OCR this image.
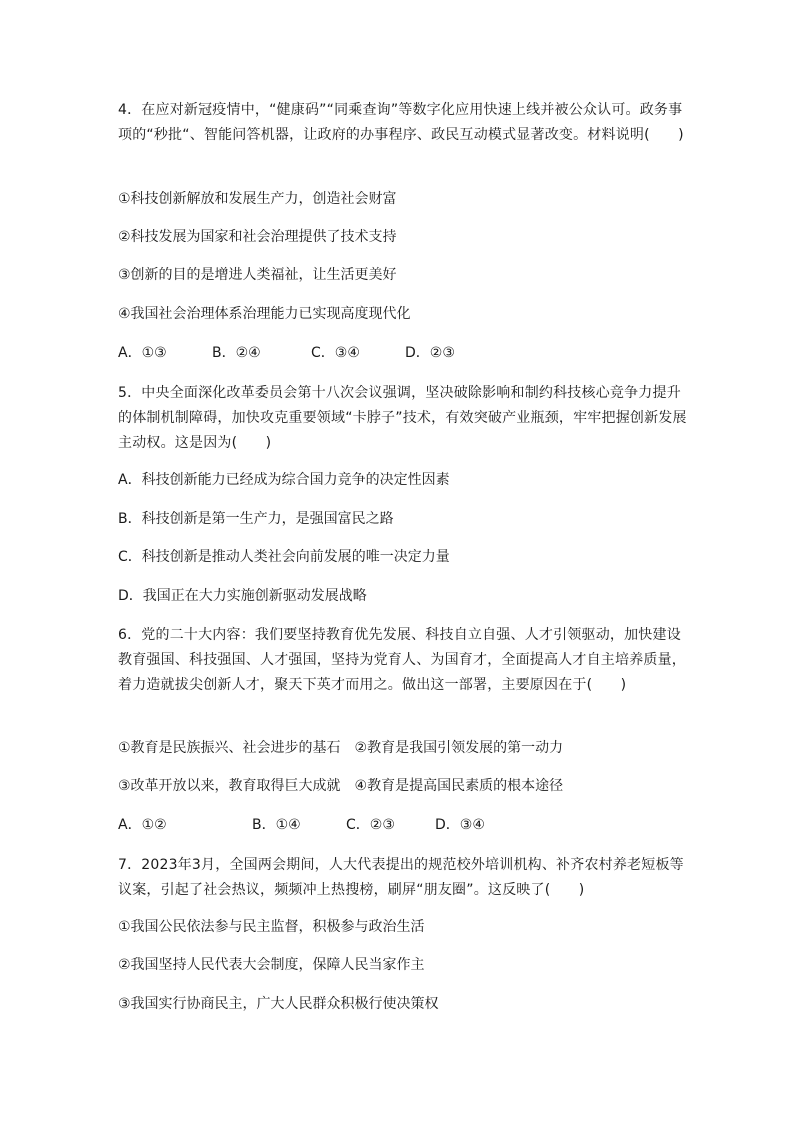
4．在应对新冠疫情中，“健康码”“同乘查询”等数字化应用快速上线并被公众认可。政务事项的“秒批“、智能问答机器，让政府的办事程序、政民互动模式显著改变。材料说明(　　)

①科技创新解放和发展生产力，创造社会财富

②科技发展为国家和社会治理提供了技术支持

③创新的目的是增进人类福祉，让生活更美好

④我国社会治理体系治理能力已实现高度现代化

A．①③	B．②④	C．③④	D．②③

5．中央全面深化改革委员会第十八次会议强调，坚决破除影响和制约科技核心竞争力提升的体制机制障碍，加快攻克重要领域“卡脖子”技术，有效突破产业瓶颈，牢牢把握创新发展主动权。这是因为(　　)

A．科技创新能力已经成为综合国力竞争的决定性因素

B．科技创新是第一生产力，是强国富民之路

C．科技创新是推动人类社会向前发展的唯一决定力量

D．我国正在大力实施创新驱动发展战略

6．党的二十大内容：我们要坚持教育优先发展、科技自立自强、人才引领驱动，加快建设教育强国、科技强国、人才强国，坚持为党育人、为国育才，全面提高人才自主培养质量，着力造就拔尖创新人才，聚天下英才而用之。做出这一部署，主要原因在于(　　)

①教育是民族振兴、社会进步的基石　②教育是我国引领发展的第一动力

③改革开放以来，教育取得巨大成就　④教育是提高国民素质的根本途径

A．①②	B．①④	C．②③	D．③④

7．2023年3月，全国两会期间，人大代表提出的规范校外培训机构、补齐农村养老短板等议案，引起了社会热议，频频冲上热搜榜，刷屏“朋友圈”。这反映了(　　)

①我国公民依法参与民主监督，积极参与政治生活

②我国坚持人民代表大会制度，保障人民当家作主

③我国实行协商民主，广大人民群众积极行使决策权
